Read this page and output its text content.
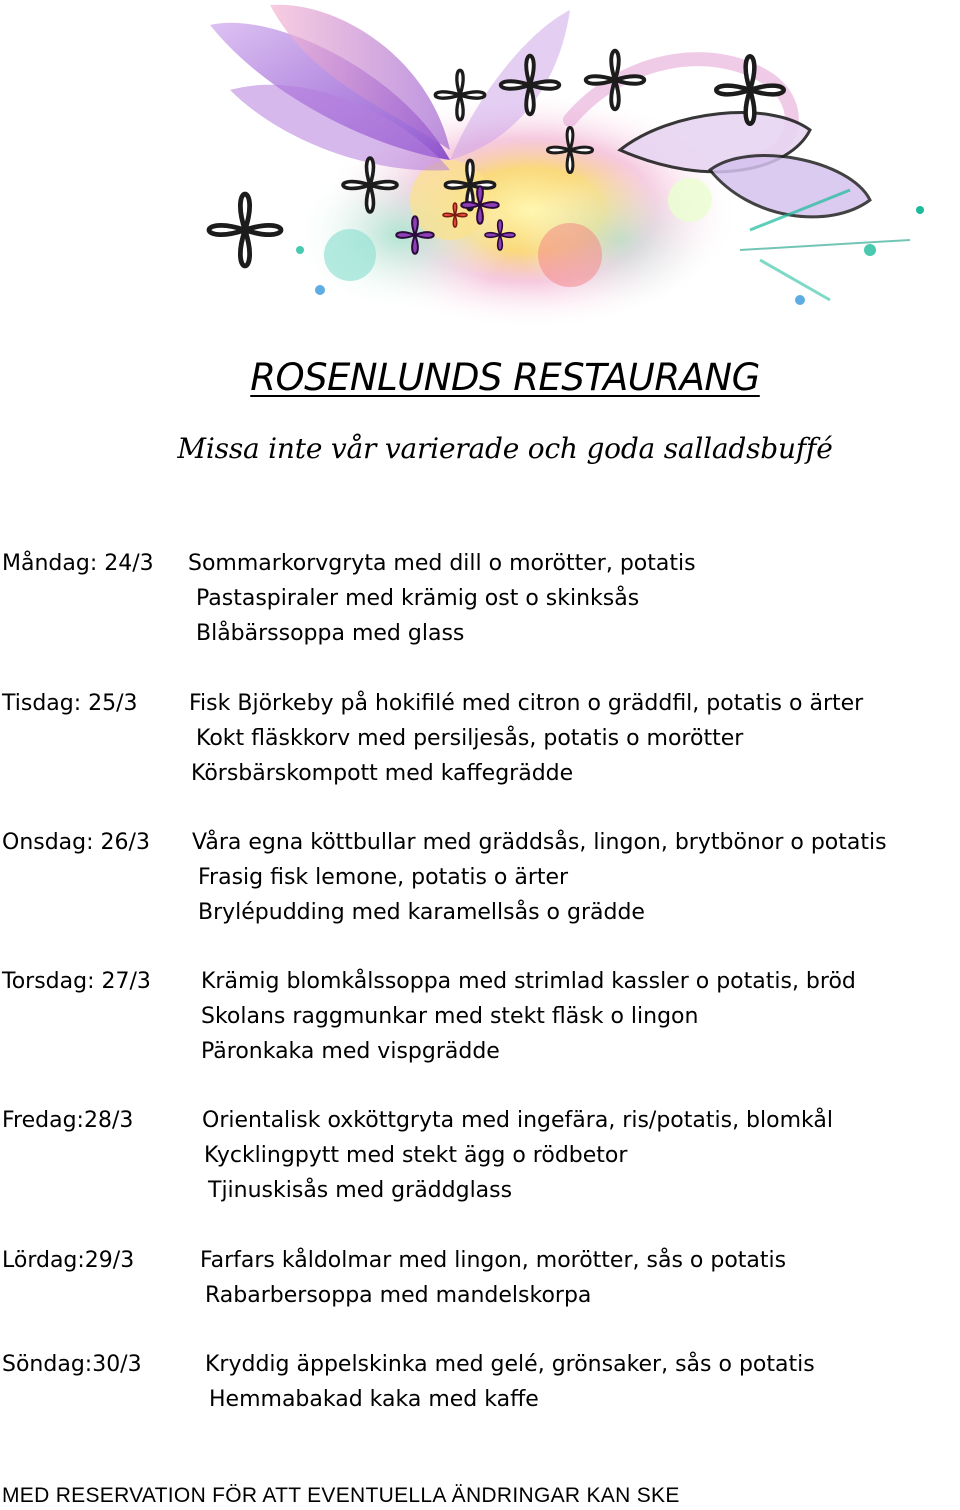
ROSENLUNDS RESTAURANG
Missa inte vår varierade och goda salladsbuffé
Måndag: 24/3 Sommarkorvgryta med dill o morötter, potatis
Pastaspiraler med krämig ost o skinksås
Blåbärssoppa med glass
Tisdag: 25/3 Fisk Björkeby på hokifilé med citron o gräddfil, potatis o ärter
Kokt fläskkorv med persiljesås, potatis o morötter
Körsbärskompott med kaffegrädde
Onsdag: 26/3 Våra egna köttbullar med gräddsås, lingon, brytbönor o potatis
Frasig fisk lemone, potatis o ärter
Brylépudding med karamellsås o grädde
Torsdag: 27/3 Krämig blomkålssoppa med strimlad kassler o potatis, bröd
Skolans raggmunkar med stekt fläsk o lingon
Päronkaka med vispgrädde
Fredag:28/3	Orientalisk oxköttgryta med ingefära, ris/potatis, blomkål
Kycklingpytt med stekt ägg o rödbetor
Tjinuskisås med gräddglass
Lördag:29/3	Farfars kåldolmar med lingon, morötter, sås o potatis
Rabarbersoppa med mandelskorpa
Söndag:30/3	Kryddig äppelskinka med gelé, grönsaker, sås o potatis
Hemmabakad kaka med kaffe
MED RESERVATION FÖR ATT EVENTUELLA ÄNDRINGAR KAN SKE
